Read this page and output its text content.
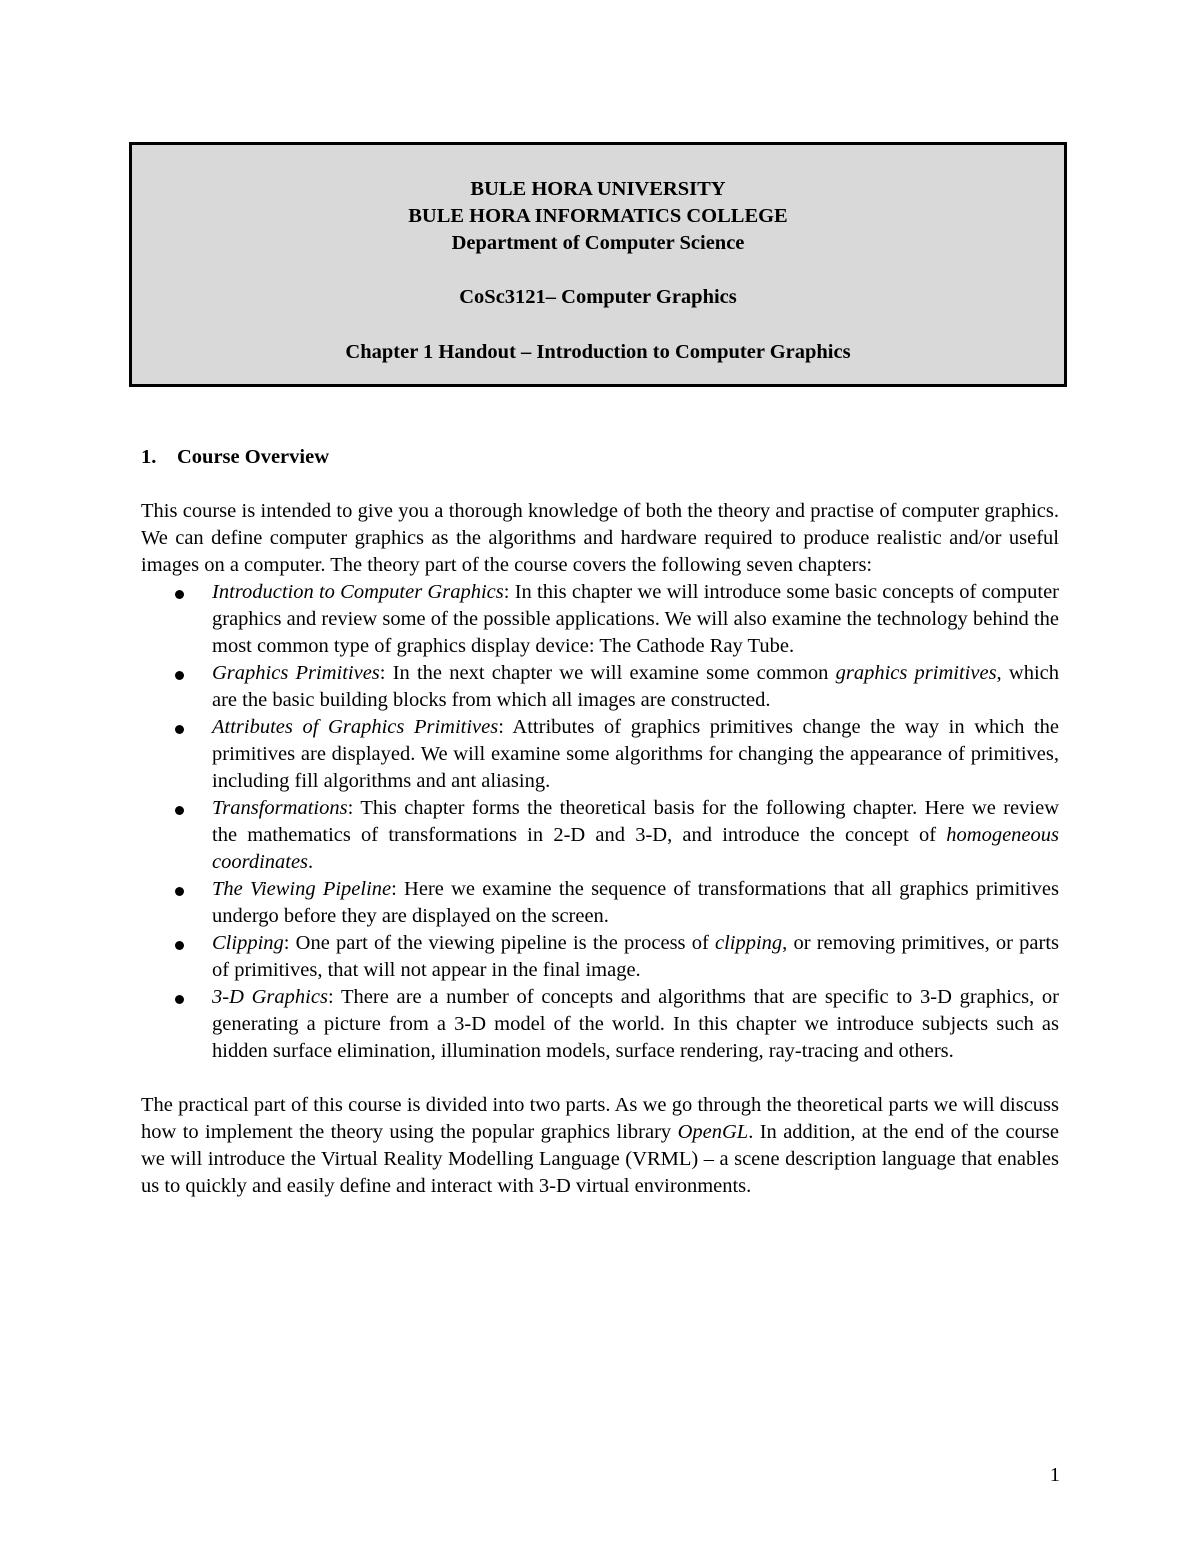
BULE HORA UNIVERSITY
BULE HORA INFORMATICS COLLEGE
Department of Computer Science
CoSc3121– Computer Graphics
Chapter 1 Handout – Introduction to Computer Graphics

1. Course Overview

This course is intended to give you a thorough knowledge of both the theory and practise of computer graphics. We can define computer graphics as the algorithms and hardware required to produce realistic and/or useful images on a computer. The theory part of the course covers the following seven chapters:

Introduction to Computer Graphics: In this chapter we will introduce some basic concepts of computer graphics and review some of the possible applications. We will also examine the technology behind the most common type of graphics display device: The Cathode Ray Tube.
Graphics Primitives: In the next chapter we will examine some common graphics primitives, which are the basic building blocks from which all images are constructed.
Attributes of Graphics Primitives: Attributes of graphics primitives change the way in which the primitives are displayed. We will examine some algorithms for changing the appearance of primitives, including fill algorithms and ant aliasing.
Transformations: This chapter forms the theoretical basis for the following chapter. Here we review the mathematics of transformations in 2-D and 3-D, and introduce the concept of homogeneous coordinates.
The Viewing Pipeline: Here we examine the sequence of transformations that all graphics primitives undergo before they are displayed on the screen.
Clipping: One part of the viewing pipeline is the process of clipping, or removing primitives, or parts of primitives, that will not appear in the final image.
3-D Graphics: There are a number of concepts and algorithms that are specific to 3-D graphics, or generating a picture from a 3-D model of the world. In this chapter we introduce subjects such as hidden surface elimination, illumination models, surface rendering, ray-tracing and others.

The practical part of this course is divided into two parts. As we go through the theoretical parts we will discuss how to implement the theory using the popular graphics library OpenGL. In addition, at the end of the course we will introduce the Virtual Reality Modelling Language (VRML) – a scene description language that enables us to quickly and easily define and interact with 3-D virtual environments.

1
